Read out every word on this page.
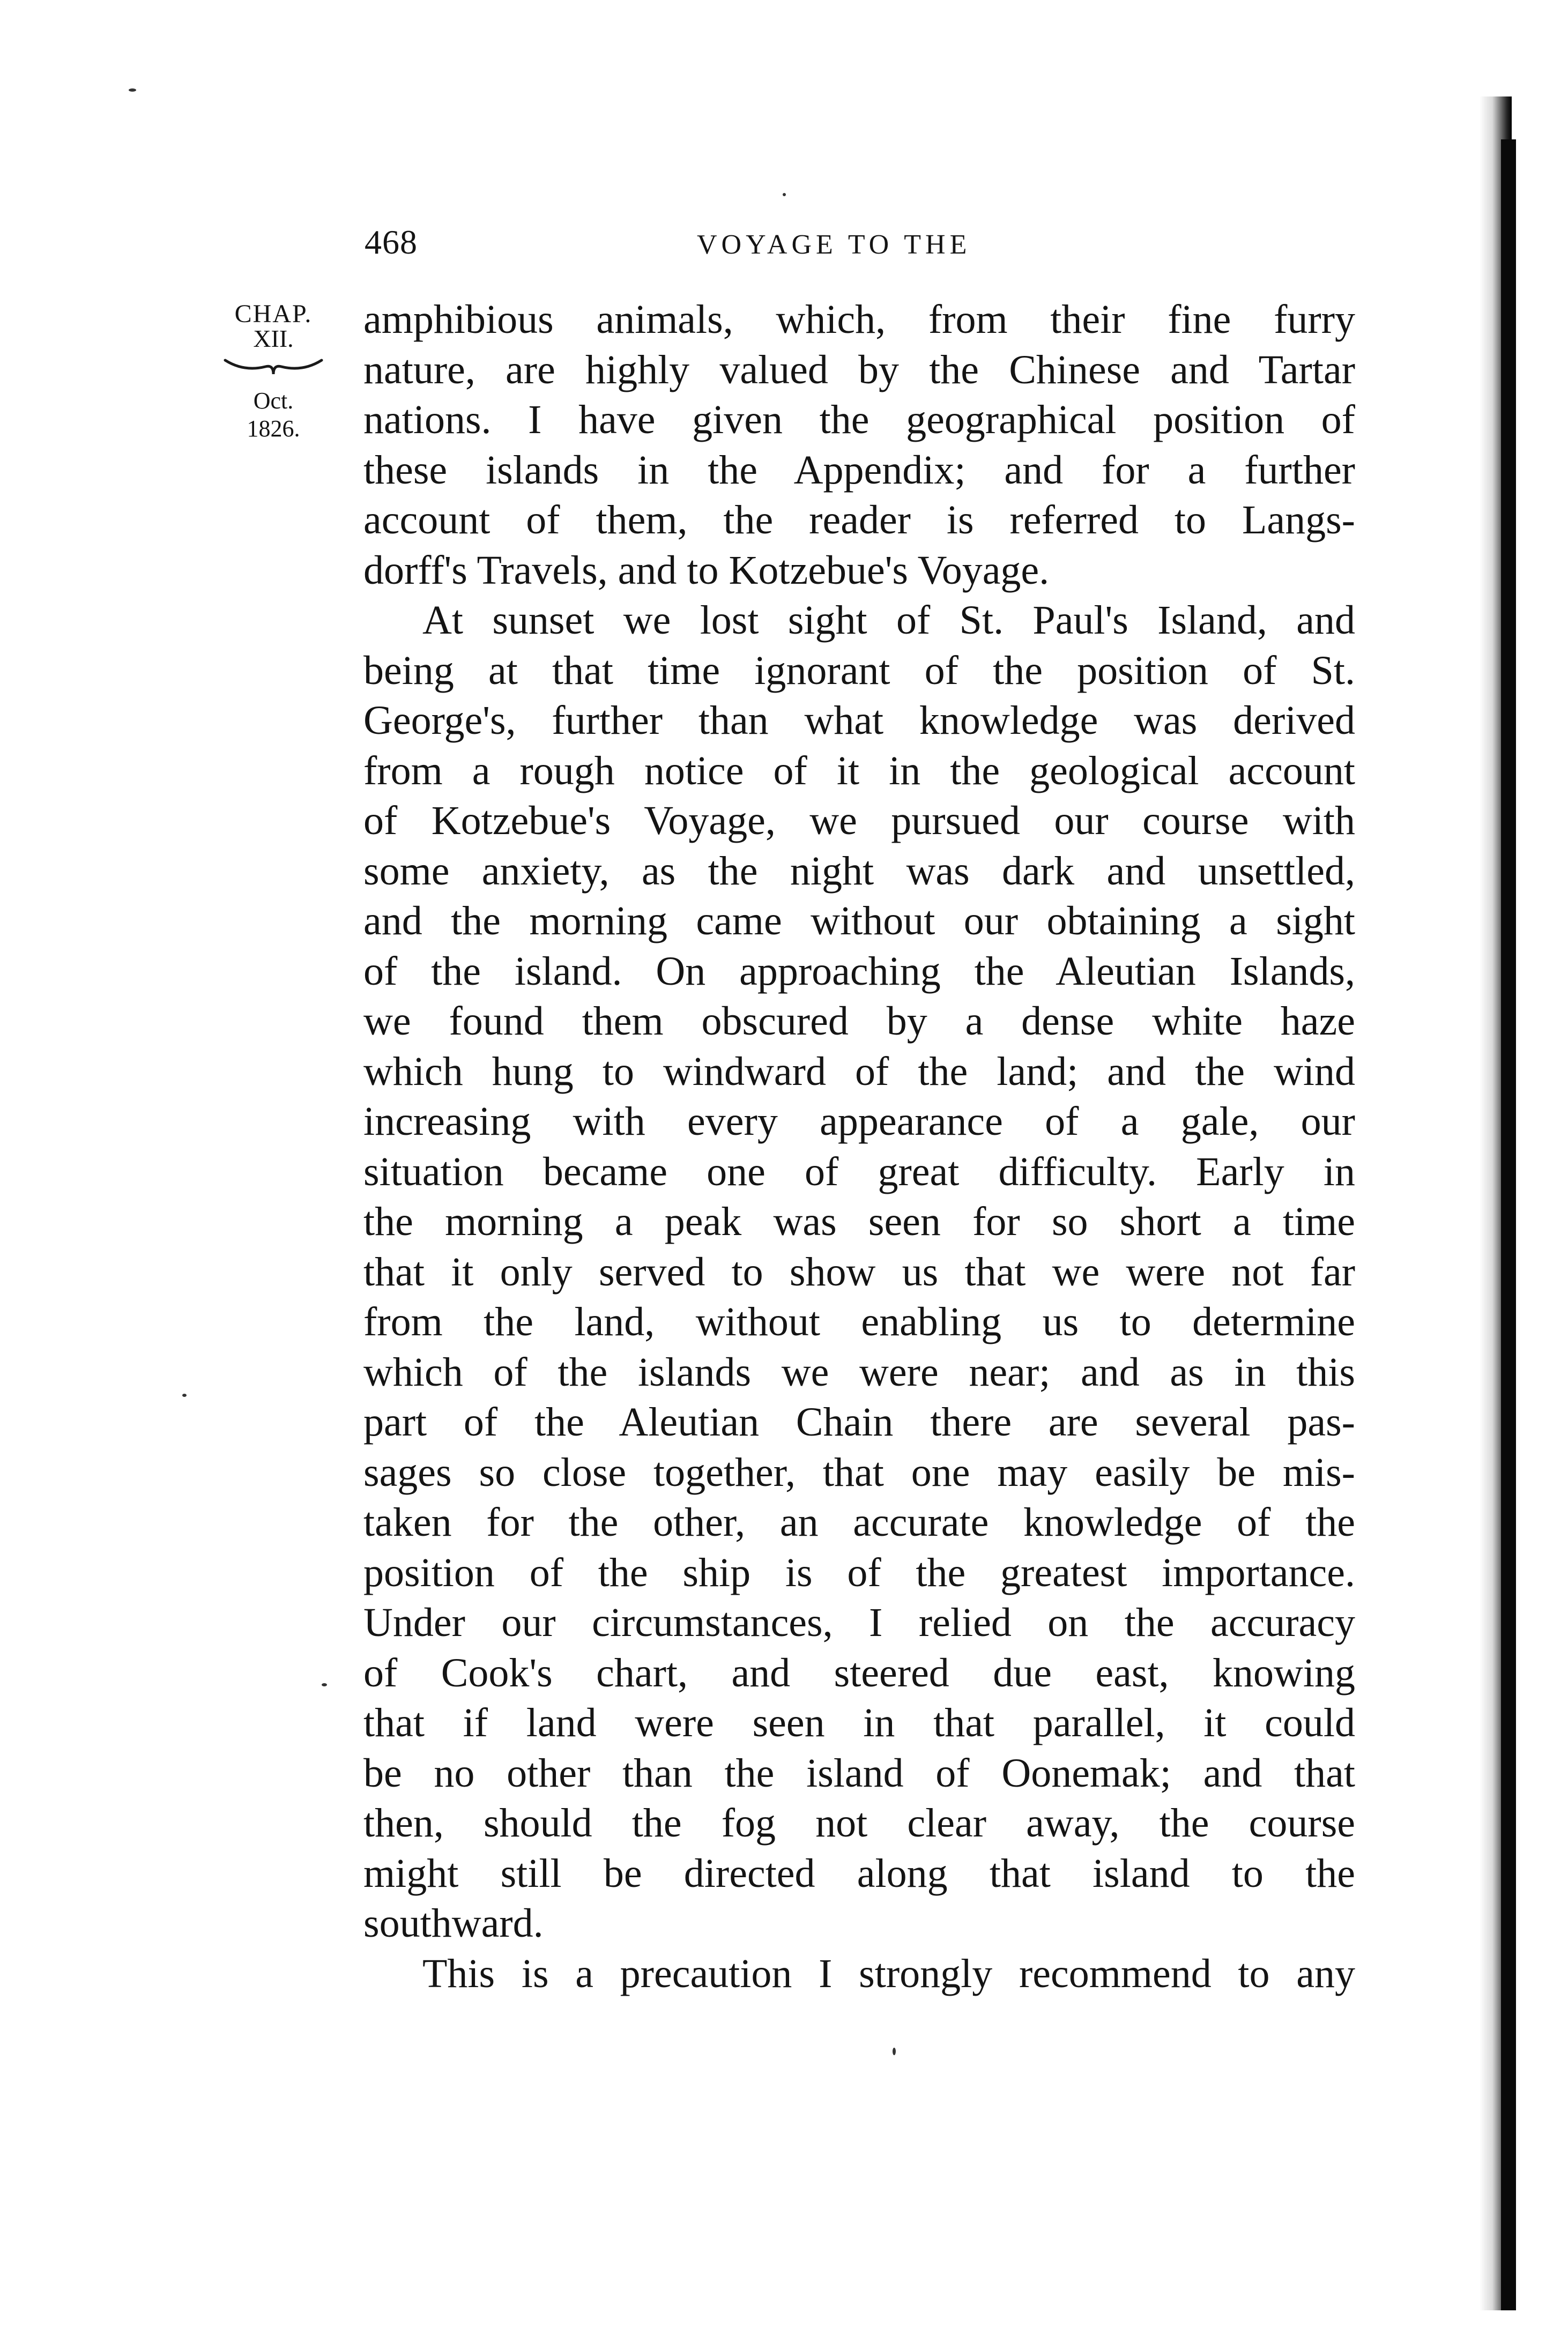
468	VOYAGE TO THE
CHAP.
XII.
Oct.
1826.
amphibious animals, which, from their fine furry
nature, are highly valued by the Chinese and Tartar
nations. I have given the geographical position of
these islands in the Appendix; and for a further
account of them, the reader is referred to Langs-
dorff's Travels, and to Kotzebue's Voyage.
At sunset we lost sight of St. Paul's Island, and
being at that time ignorant of the position of St.
George's, further than what knowledge was derived
from a rough notice of it in the geological account
of Kotzebue's Voyage, we pursued our course with
some anxiety, as the night was dark and unsettled,
and the morning came without our obtaining a sight
of the island. On approaching the Aleutian Islands,
we found them obscured by a dense white haze
which hung to windward of the land; and the wind
increasing with every appearance of a gale, our
situation became one of great difficulty. Early in
the morning a peak was seen for so short a time
that it only served to show us that we were not far
from the land, without enabling us to determine
which of the islands we were near; and as in this
part of the Aleutian Chain there are several pas-
sages so close together, that one may easily be mis-
taken for the other, an accurate knowledge of the
position of the ship is of the greatest importance.
Under our circumstances, I relied on the accuracy
of Cook's chart, and steered due east, knowing
that if land were seen in that parallel, it could
be no other than the island of Oonemak; and that
then, should the fog not clear away, the course
might still be directed along that island to the
southward.
This is a precaution I strongly recommend to any
